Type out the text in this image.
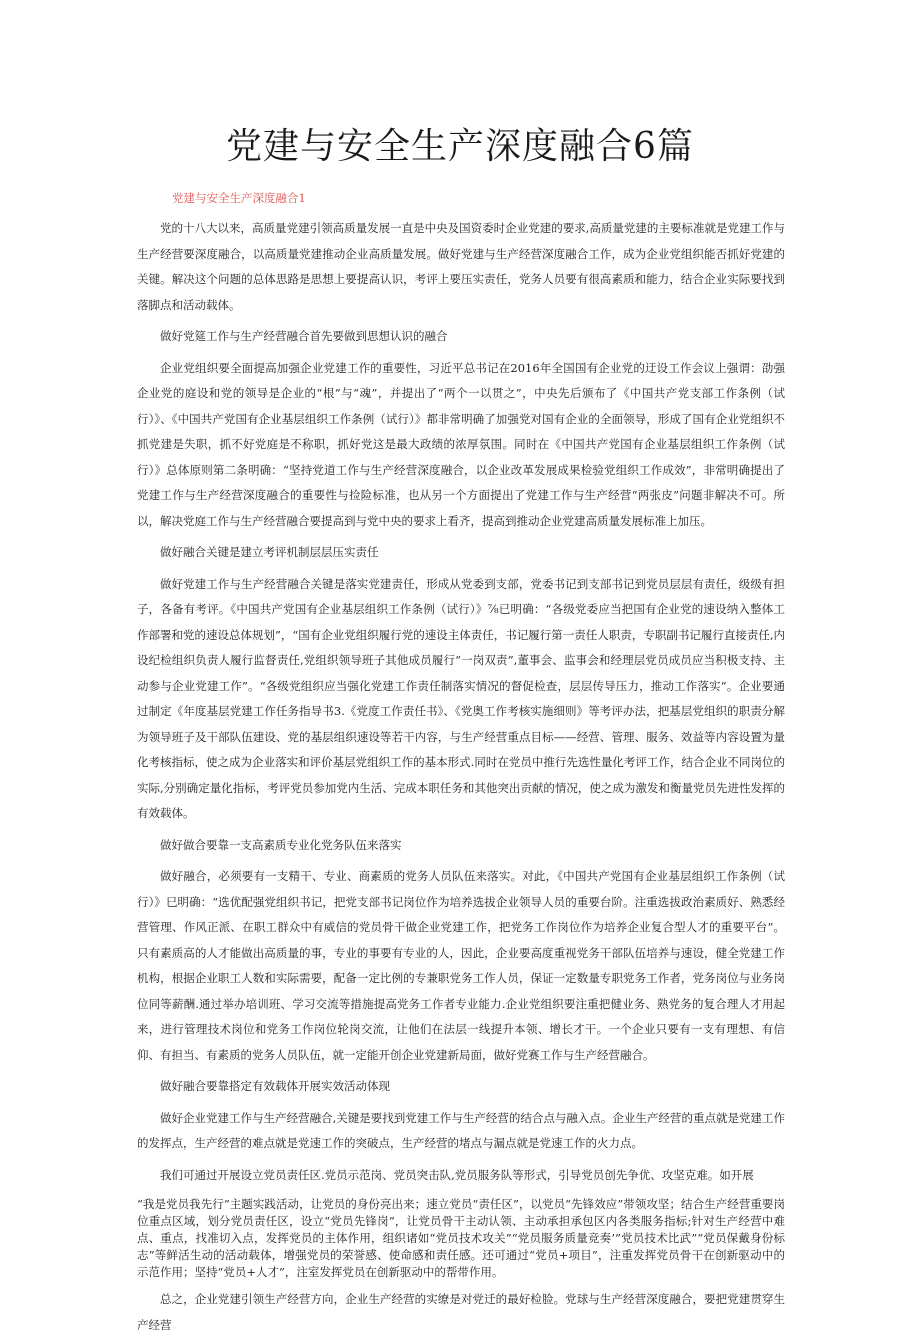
党建与安全生产深度融合6篇
党建与安全生产深度融合1

党的十八大以来，高质量党建引领高质量发展一直是中央及国资委时企业党建的要求,高质量党建的主要标准就是党建工作与生产经营要深度融合，以高质量党建推动企业高质量发展。做好党建与生产经营深度融合工作，成为企业党组织能否抓好党建的关键。解决这个问题的总体思路是思想上要提高认识，考评上要压实责任，党务人员要有很高素质和能力，结合企业实际要找到落脚点和活动载体。

做好党筵工作与生产经营融合首先要做到思想认识的融合

企业党组织要全面提高加强企业党建工作的重要性，习近平总书记在2016年全国国有企业党的迂设工作会议上强谓：劭强企业党的庭设和党的领导是企业的“根”与“魂”，并提出了“两个一以贯之”，中央先后颁布了《中国共产党支部工作条例（试行）》、《中国共产党国有企业基层组织工作条例（试行）》都非常明确了加强党对国有企业的全面领导，形成了国有企业党组织不抓党建是失职，抓不好党庭是不称职，抓好党这是最大政绩的浓厚氛围。同时在《中国共产党国有企业基层组织工作条例（试行）》总体原则第二条明确：“坚持党道工作与生产经营深度融合，以企业改革发展成果检验党组织工作成效”，非常明确提出了党建工作与生产经营深度融合的重要性与捡险标准，也从另一个方面提出了党建工作与生产经营“两张皮”问题非解决不可。所以，解决党庭工作与生产经营融合要提高到与党中央的要求上看齐，提高到推动企业党建高质量发展标准上加压。

做好融合关键是建立考评机制层层压实责任

做好党建工作与生产经营融合关键是落实党建责任，形成从党委到支部，党委书记到支部书记到党员层层有责任，级级有担子，各备有考评。《中国共产党国有企业基层组织工作条例（试行）》⅞已明确：“各级党委应当把国有企业党的速设纳入整体工作部署和党的速设总体规划”，“国有企业党组织履行党的速设主体责任，书记履行第一责任人职责，专职副书记履行直接责任,内设纪检组织负责人履行监督责任,党组织领导班子其他成员履行“一岗双责”,董事会、监事会和经理层党员成员应当积极支持、主动参与企业党建工作”。“各级党组织应当强化党建工作责任制落实情况的督促检查，层层传导压力，推动工作落实“。企业要通过制定《年度基层党建工作任务指导书3.《党度工作责任书》、《党奥工作考核实施细则》等考评办法，把基层党组织的职责分解为领导班子及干部队伍建设、党的基层组织速设等若干内容，与生产经营重点目标——经营、管理、服务、效益等内容设置为量化考核指标，使之成为企业落实和评价基层党组织工作的基本形式.同时在党员中推行先选性量化考评工作，结合企业不同岗位的实际,分别确定量化指标，考评党员参加党内生活、完成本职任务和其他突出贡献的情况，使之成为激发和衡量党员先进性发挥的有效载体。

做好做合要靠一支高素质专业化党务队伍来落实

做好融合，必须要有一支精干、专业、商素质的党务人员队伍来落实。对此，《中国共产党国有企业基层组织工作条例（试行）》巳明确：“选优配强党组织书记，把党支部书记岗位作为培养选拔企业领导人员的重要台阶。注重选拔政治素质好、熟悉经营管理、作风正派、在职工群众中有威信的党员骨干做企业党建工作，把党务工作岗位作为培养企业复合型人才的重要平台”。只有素质高的人才能做出高质量的事，专业的事要有专业的人，因此，企业要高度重视党务干部队伍培养与速设，健全党建工作机构，根据企业职工人数和实际需要，配备一定比例的专兼职党务工作人员，保证一定数量专职党务工作者，党务岗位与业务岗位同等薪酬.通过举办培训班、学习交流等措施提高党务工作者专业能力.企业党组织要注重把健业务、熟党务的复合理人才用起来，进行管理技术岗位和党务工作岗位轮岗交流，让他们在法层一线提升本领、增长才干。一个企业只要有一支有理想、有信仰、有担当、有素质的党务人员队伍，就一定能开创企业党建新局面，做好党赛工作与生产经营融合。

做好融合要靠搭定有效载体开展实效活动体现

做好企业党建工作与生产经营融合,关键是要找到党建工作与生产经营的结合点与融入点。企业生产经营的重点就是党建工作的发挥点，生产经营的难点就是党速工作的突破点，生产经营的堵点与漏点就是党速工作的火力点。

我们可通过开展设立党员责任区.党员示范岗、党员突击队,党员服务队等形式，引导党员创先争优、攻坚克难。如开展

“我是党员我先行”主题实践活动，让党员的身份亮出来；速立党员“责任区”，以党员“先锋效应”带领攻坚；结合生产经营重要岗位重点区域，划分党员责任区，设立“党员先锋岗”，让党员骨干主动认领、主动承担承包区内各类服务指标;针对生产经营中难点、重点，找准切入点，发挥党员的主体作用，组织诸如“党员技术攻关”“党员服务质量竞奏’”党员技术比武”“党员保戴身份标志”等鲜活生动的活动载体，增强党员的荣誉感、使命感和责任感。还可通过“党员+项目”，注重发挥党员骨干在创新驱动中的示范作用；坚持“党员+人才”，注室发挥党员在创新驱动中的帮带作用。

总之，企业党建引领生产经营方向，企业生产经营的实缭是对党迁的最好检脸。党球与生产经营深度融合，要把党建贯穿生产经营
